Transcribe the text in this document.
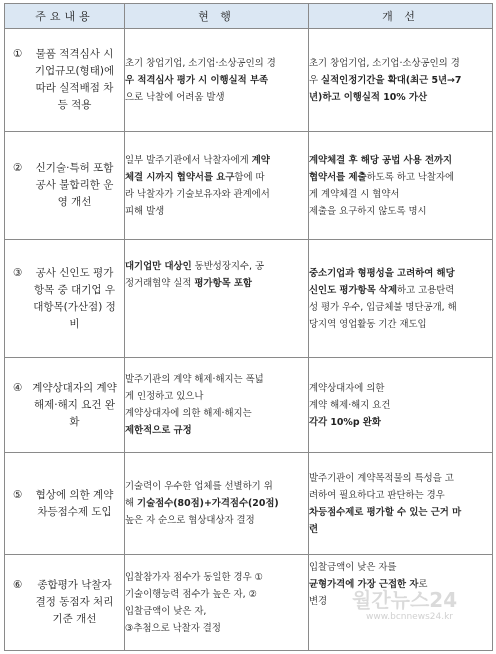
주요내용	현 행	개 선

① 물품 적격심사 시 기업규모(형태)에 따라 실적배점 차등 적용	초기 창업기업, 소기업·소상공인의 경
우 적격심사 평가 시 이행실적 부족
으로 낙찰에 어려움 발생	초기 창업기업, 소기업·소상공인의 경
우 실적인정기간을 확대(최근 5년→7
년)하고 이행실적 10% 가산

② 신기술·특허 포함 공사 불합리한 운영 개선	일부 발주기관에서 낙찰자에게 계약
체결 시까지 협약서를 요구함에 따
라 낙찰자가 기술보유자와 관계에서
피해 발생	계약체결 후 해당 공법 사용 전까지
협약서를 제출하도록 하고 낙찰자에
게 계약체결 시 협약서
제출을 요구하지 않도록 명시

③ 공사 신인도 평가 항목 중 대기업 우대항목(가산점) 정비	대기업만 대상인 동반성장지수, 공
정거래협약 실적 평가항목 포함	중소기업과 형평성을 고려하여 해당
신인도 평가항목 삭제하고 고용탄력
성 평가 우수, 입금체불 명단공개, 해
당지역 영업활동 기간 재도입

④ 계약상대자의 계약 해제·해지 요건 완화	발주기관의 계약 해제·해지는 폭넓
게 인정하고 있으나
계약상대자에 의한 해제·해지는
제한적으로 규정	계약상대자에 의한
계약 해제·해지 요건
각각 10%p 완화

⑤ 협상에 의한 계약 차등점수제 도입	기술력이 우수한 업체를 선별하기 위
해 기술점수(80점)+가격점수(20점)
높은 자 순으로 협상대상자 결정	발주기관이 계약목적물의 특성을 고
려하여 필요하다고 판단하는 경우
차등점수제로 평가할 수 있는 근거 마
련

⑥ 종합평가 낙찰자 결정 동점자 처리 기준 개선	입찰참가자 점수가 동일한 경우 ①
기술이행능력 점수가 높은 자, ②
입찰금액이 낮은 자,
③추첨으로 낙찰자 결정	입찰금액이 낮은 자를
균형가격에 가장 근접한 자로
변경	월간뉴스24
www.bcnnews24.kr
